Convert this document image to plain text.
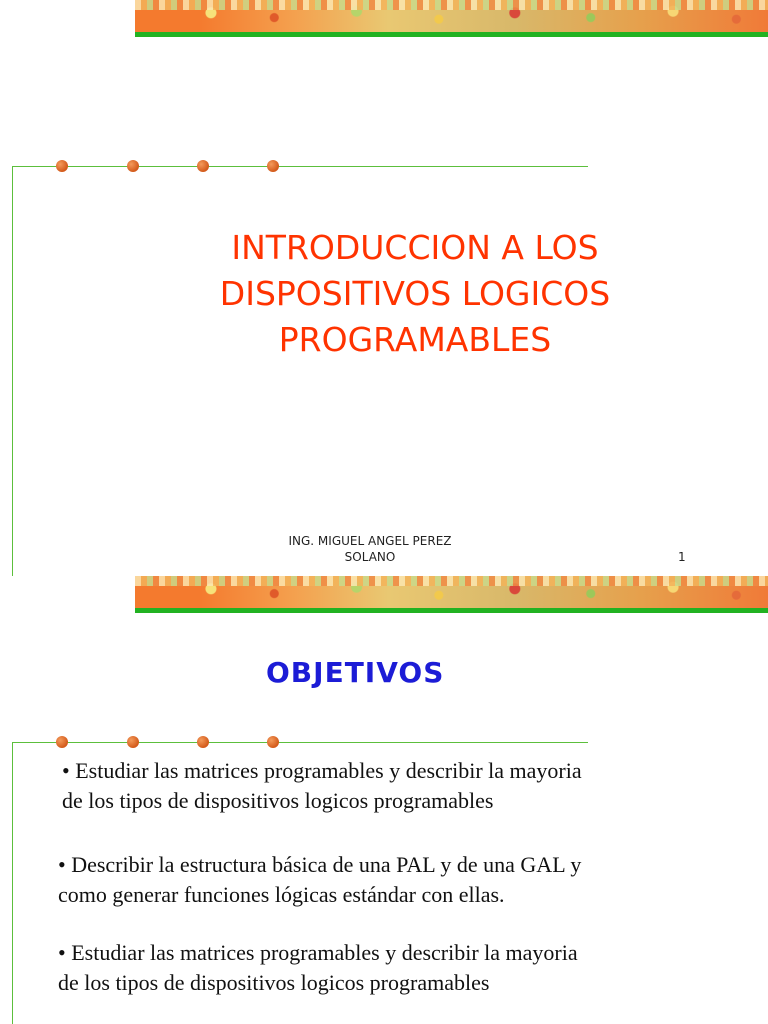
INTRODUCCION A LOS
DISPOSITIVOS LOGICOS
PROGRAMABLES
ING. MIGUEL ANGEL PEREZ
SOLANO	1
OBJETIVOS
• Estudiar las matrices programables y describir la mayoria
de los tipos de dispositivos logicos programables
• Describir la estructura básica de una PAL y de una GAL y
como generar funciones lógicas estándar con ellas.
• Estudiar las matrices programables y describir la mayoria
de los tipos de dispositivos logicos programables
